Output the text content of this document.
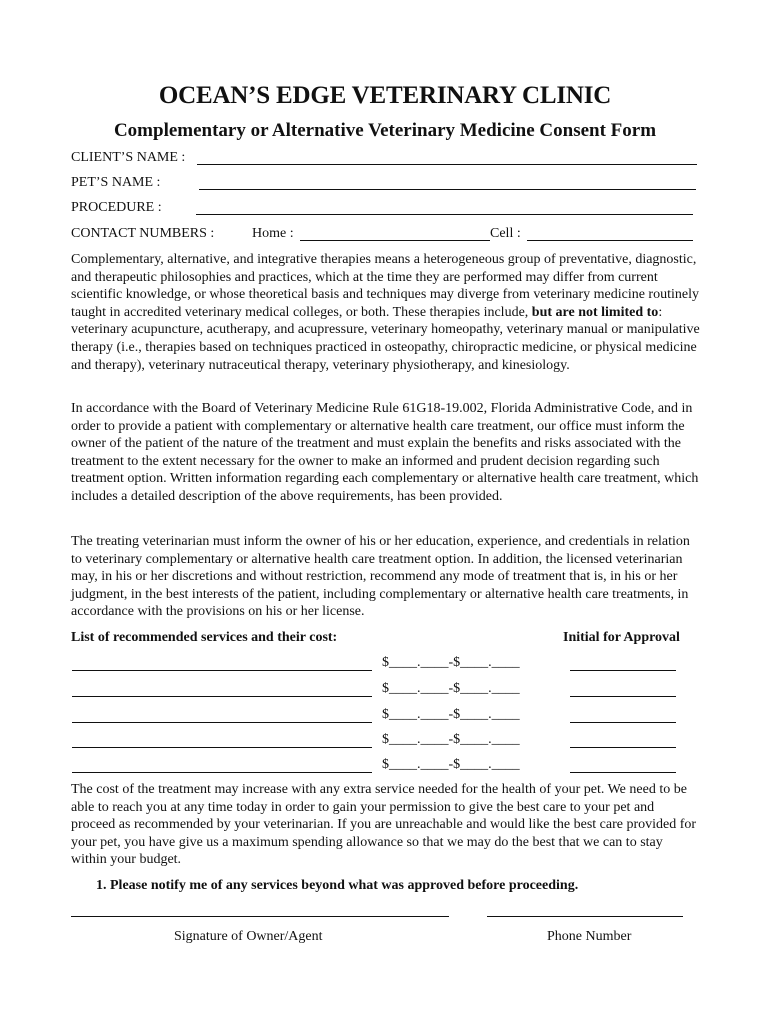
OCEAN’S EDGE VETERINARY CLINIC
Complementary or Alternative Veterinary Medicine Consent Form
CLIENT’S NAME :
PET’S NAME :
PROCEDURE :
CONTACT NUMBERS :	Home :	Cell :

Complementary, alternative, and integrative therapies means a heterogeneous group of preventative, diagnostic, and therapeutic philosophies and practices, which at the time they are performed may differ from current scientific knowledge, or whose theoretical basis and techniques may diverge from veterinary medicine routinely taught in accredited veterinary medical colleges, or both. These therapies include, but are not limited to: veterinary acupuncture, acutherapy, and acupressure, veterinary homeopathy, veterinary manual or manipulative therapy (i.e., therapies based on techniques practiced in osteopathy, chiropractic medicine, or physical medicine and therapy), veterinary nutraceutical therapy, veterinary physiotherapy, and kinesiology.

In accordance with the Board of Veterinary Medicine Rule 61G18-19.002, Florida Administrative Code, and in order to provide a patient with complementary or alternative health care treatment, our office must inform the owner of the patient of the nature of the treatment and must explain the benefits and risks associated with the treatment to the extent necessary for the owner to make an informed and prudent decision regarding such treatment option. Written information regarding each complementary or alternative health care treatment, which includes a detailed description of the above requirements, has been provided.

The treating veterinarian must inform the owner of his or her education, experience, and credentials in relation to veterinary complementary or alternative health care treatment option. In addition, the licensed veterinarian may, in his or her discretions and without restriction, recommend any mode of treatment that is, in his or her judgment, in the best interests of the patient, including complementary or alternative health care treatments, in accordance with the provisions on his or her license.

List of recommended services and their cost:	Initial for Approval
$____.____-$____.____
$____.____-$____.____
$____.____-$____.____
$____.____-$____.____
$____.____-$____.____

The cost of the treatment may increase with any extra service needed for the health of your pet. We need to be able to reach you at any time today in order to gain your permission to give the best care to your pet and proceed as recommended by your veterinarian. If you are unreachable and would like the best care provided for your pet, you have give us a maximum spending allowance so that we may do the best that we can to stay within your budget.

1. Please notify me of any services beyond what was approved before proceeding.
Signature of Owner/Agent	Phone Number
